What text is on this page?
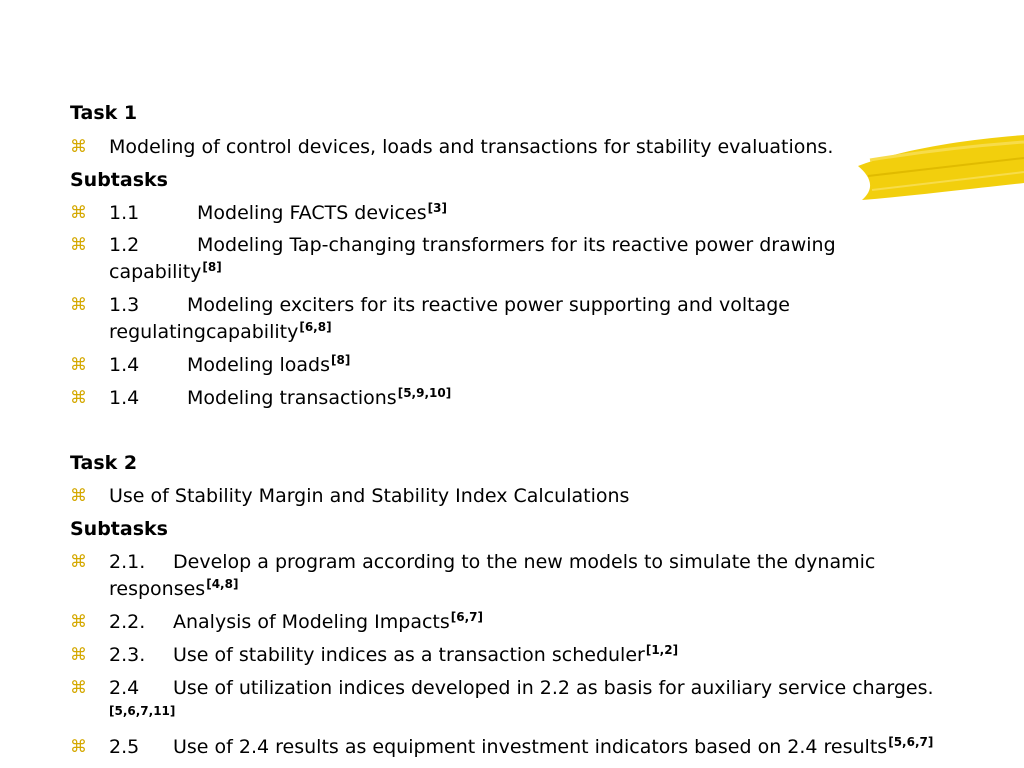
Task 1
⌘ Modeling of control devices, loads and transactions for stability evaluations.
Subtasks
⌘ 1.1	Modeling FACTS devices[3]
⌘ 1.2	Modeling Tap-changing transformers for its reactive power drawing
capability[8]
⌘ 1.3	Modeling exciters for its reactive power supporting and voltage
regulatingcapability[6,8]
⌘ 1.4	Modeling loads[8]
⌘ 1.4	Modeling transactions[5,9,10]
Task 2
⌘ Use of Stability Margin and Stability Index Calculations
Subtasks
⌘ 2.1. Develop a program according to the new models to simulate the dynamic
responses[4,8]
⌘ 2.2. Analysis of Modeling Impacts[6,7]
⌘ 2.3. Use of stability indices as a transaction scheduler[1,2]
⌘ 2.4 Use of utilization indices developed in 2.2 as basis for auxiliary service charges.
[5,6,7,11]
⌘ 2.5 Use of 2.4 results as equipment investment indicators based on 2.4 results[5,6,7]
